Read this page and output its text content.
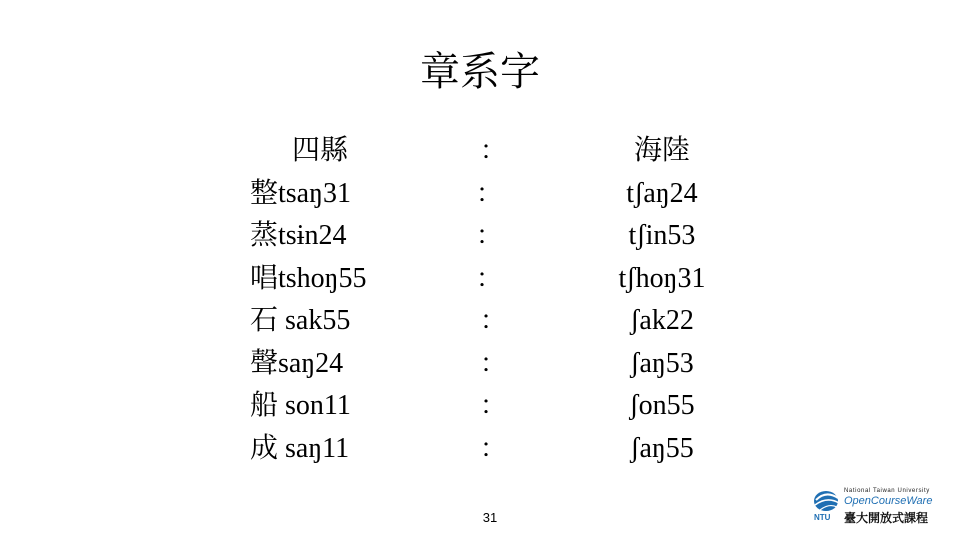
章系字
四縣
整tsaŋ31
蒸tsɨn24
唱tshoŋ55
石 sak55
聲saŋ24
船 son11
成 saŋ11
：
：
：
：
：
：
：
：
海陸
tʃaŋ24
tʃin53
tʃhoŋ31
ʃak22
ʃaŋ53
ʃon55
ʃaŋ55
31	NTU
National Taiwan University
OpenCourseWare
臺大開放式課程
